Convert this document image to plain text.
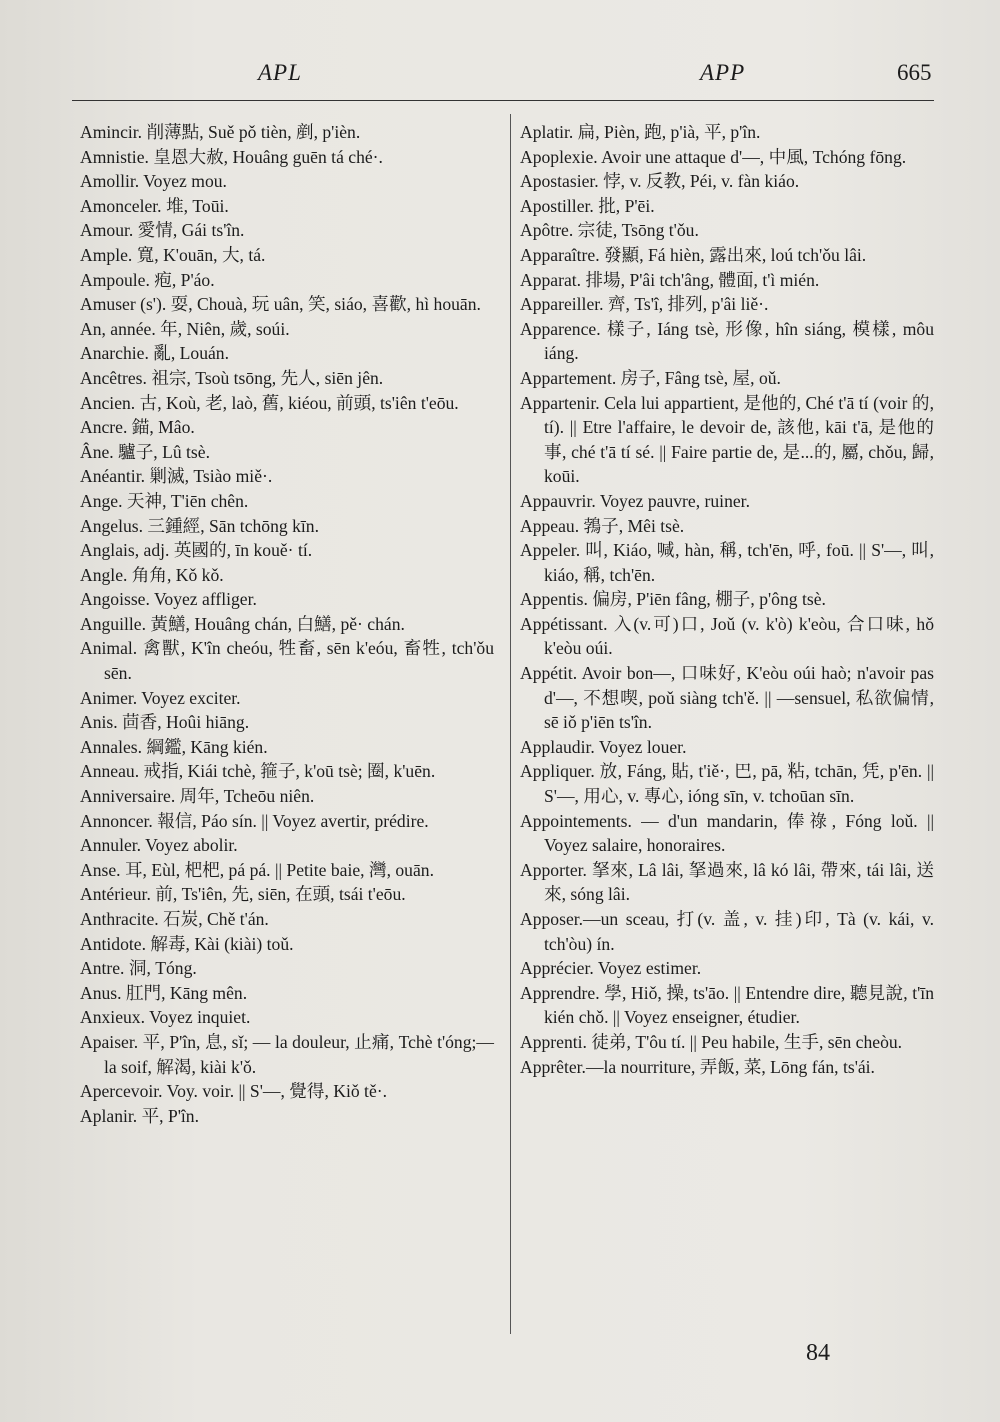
APL	APP	665
Amincir. 削薄點, Suě pǒ tièn, 剷, p'ièn.
Amnistie. 皇恩大赦, Houâng guēn tá ché·.
Amollir. Voyez mou.
Amonceler. 堆, Toūi.
Amour. 愛情, Gái ts'în.
Ample. 寬, K'ouān, 大, tá.
Ampoule. 疱, P'áo.
Amuser (s'). 耍, Chouà, 玩 uân, 笑, siáo, 喜歡, hì houān.
An, année. 年, Niên, 歲, soúi.
Anarchie. 亂, Louán.
Ancêtres. 祖宗, Tsoù tsōng, 先人, siēn jên.
Ancien. 古, Koù, 老, laò, 舊, kiéou, 前頭, ts'iên t'eōu.
Ancre. 錨, Mâo.
Âne. 驢子, Lû tsè.
Anéantir. 剿滅, Tsiào miě·.
Ange. 天神, T'iēn chên.
Angelus. 三鍾經, Sān tchōng kīn.
Anglais, adj. 英國的, īn kouě· tí.
Angle. 角角, Kǒ kǒ.
Angoisse. Voyez affliger.
Anguille. 黃鱔, Houâng chán, 白鱔, pě· chán.
Animal. 禽獸, K'în cheóu, 牲畜, sēn k'eóu, 畜牲, tch'ǒu sēn.
Animer. Voyez exciter.
Anis. 茴香, Hoûi hiāng.
Annales. 綱鑑, Kāng kién.
Anneau. 戒指, Kiái tchè, 箍子, k'oū tsè; 圈, k'uēn.
Anniversaire. 周年, Tcheōu niên.
Annoncer. 報信, Páo sín. || Voyez avertir, prédire.
Annuler. Voyez abolir.
Anse. 耳, Eùl, 杷杷, pá pá. || Petite baie, 灣, ouān.
Antérieur. 前, Ts'iên, 先, siēn, 在頭, tsái t'eōu.
Anthracite. 石炭, Chě t'án.
Antidote. 解毒, Kài (kiài) toǔ.
Antre. 洞, Tóng.
Anus. 肛門, Kāng mên.
Anxieux. Voyez inquiet.
Apaiser. 平, P'în, 息, sǐ; — la douleur, 止痛, Tchè t'óng;—la soif, 解渴, kiài k'ǒ.
Apercevoir. Voy. voir. || S'—, 覺得, Kiǒ tě·.
Aplanir. 平, P'în.
Aplatir. 扁, Pièn, 跑, p'ià, 平, p'în.
Apoplexie. Avoir une attaque d'—, 中風, Tchóng fōng.
Apostasier. 悖, v. 反教, Péi, v. fàn kiáo.
Apostiller. 批, P'ēi.
Apôtre. 宗徒, Tsōng t'ǒu.
Apparaître. 發顯, Fá hièn, 露出來, loú tch'ǒu lâi.
Apparat. 排場, P'âi tch'âng, 體面, t'ì mién.
Appareiller. 齊, Ts'î, 排列, p'âi liě·.
Apparence. 樣子, Iáng tsè, 形像, hîn siáng, 模樣, môu iáng.
Appartement. 房子, Fâng tsè, 屋, oǔ.
Appartenir. Cela lui appartient, 是他的, Ché t'ā tí (voir 的, tí). || Etre l'affaire, le devoir de, 該他, kāi t'ā, 是他的事, ché t'ā tí sé. || Faire partie de, 是...的, 屬, chǒu, 歸, koūi.
Appauvrir. Voyez pauvre, ruiner.
Appeau. 鵓子, Mêi tsè.
Appeler. 叫, Kiáo, 喊, hàn, 稱, tch'ēn, 呼, foū. || S'—, 叫, kiáo, 稱, tch'ēn.
Appentis. 偏房, P'iēn fâng, 棚子, p'ông tsè.
Appétissant. 入(v.可)口, Joǔ (v. k'ò) k'eòu, 合口味, hǒ k'eòu oúi.
Appétit. Avoir bon—, 口味好, K'eòu oúi haò; n'avoir pas d'—, 不想喫, poǔ siàng tch'ě. || —sensuel, 私欲偏情, sē iǒ p'iēn ts'în.
Applaudir. Voyez louer.
Appliquer. 放, Fáng, 貼, t'iě·, 巴, pā, 粘, tchān, 凭, p'ēn. || S'—, 用心, v. 專心, ióng sīn, v. tchoūan sīn.
Appointements. — d'un mandarin, 俸祿, Fóng loǔ. || Voyez salaire, honoraires.
Apporter. 拏來, Lâ lâi, 拏過來, lâ kó lâi, 帶來, tái lâi, 送來, sóng lâi.
Apposer.—un sceau, 打(v. 盖, v. 挂)印, Tà (v. kái, v. tch'òu) ín.
Apprécier. Voyez estimer.
Apprendre. 學, Hiǒ, 操, ts'āo. || Entendre dire, 聽見說, t'īn kién chǒ. || Voyez enseigner, étudier.
Apprenti. 徒弟, T'ôu tí. || Peu habile, 生手, sēn cheòu.
Apprêter.—la nourriture, 弄飯, 菜, Lōng fán, ts'ái.
84
